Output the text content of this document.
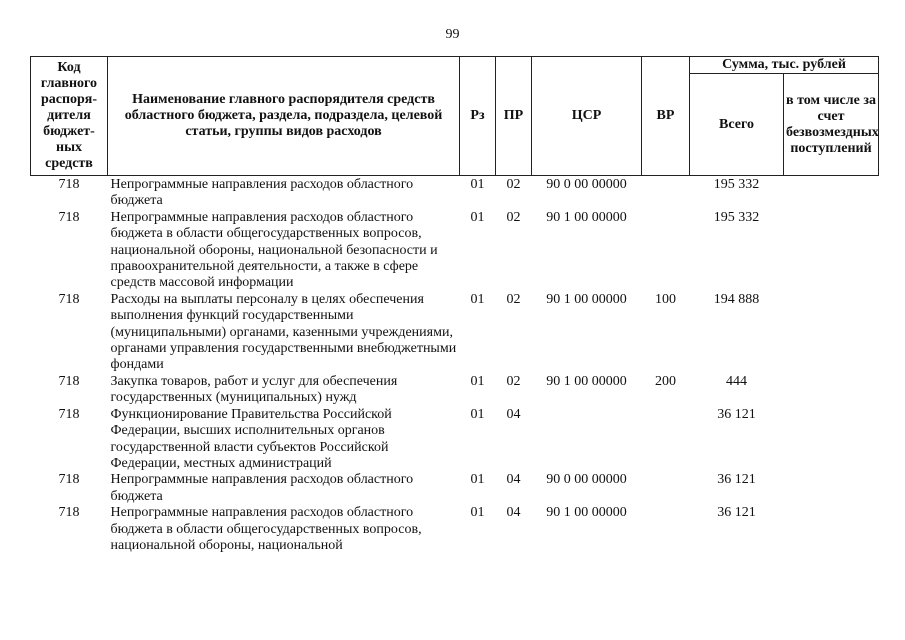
99
Код главного распоря-дителя бюджет-ных средств	Наименование главного распорядителя средств областного бюджета, раздела, подраздела, целевой статьи, группы видов расходов	Рз	ПР	ЦСР	ВР	Сумма, тыс. рублей	
						Всего	в том числе за счет безвозмездных поступлений
718	Непрограммные направления расходов областного бюджета	01	02	90 0 00 00000		195 332	
718	Непрограммные направления расходов областного бюджета в области общегосударственных вопросов, национальной обороны, национальной безопасности и правоохранительной деятельности, а также в сфере средств массовой информации	01	02	90 1 00 00000		195 332	
718	Расходы на выплаты персоналу в целях обеспечения выполнения функций государственными (муниципальными) органами, казенными учреждениями, органами управления государственными внебюджетными фондами	01	02	90 1 00 00000	100	194 888	
718	Закупка товаров, работ и услуг для обеспечения государственных (муниципальных) нужд	01	02	90 1 00 00000	200	444	
718	Функционирование Правительства Российской Федерации, высших исполнительных органов государственной власти субъектов Российской Федерации, местных администраций	01	04			36 121	
718	Непрограммные направления расходов областного бюджета	01	04	90 0 00 00000		36 121	
718	Непрограммные направления расходов областного бюджета в области общегосударственных вопросов, национальной обороны, национальной	01	04	90 1 00 00000		36 121	
